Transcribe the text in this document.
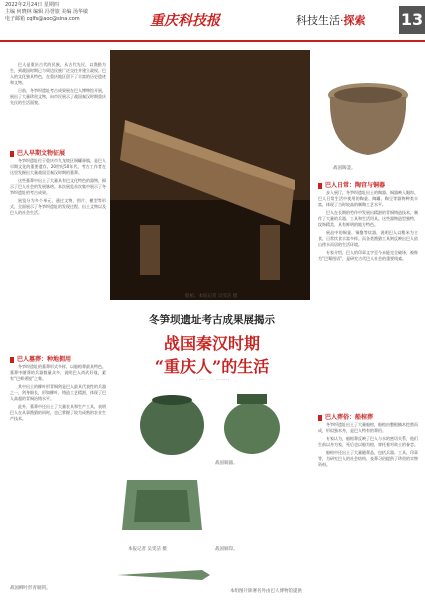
2022年2月24日 星期四
主编 何晓林 编辑 冯誉旅 美编 汤华敏
电子邮箱 cqlfs@aoc@sina.com	重庆科技报	科技生活·探索 13

巴人是重庆古代的民族，从古代先民，以渔猎为生，到战国时期已与周边民族广泛交往并建立政权。巴人的文化独具特色，在重庆地区留下了丰富的历史遗迹和文物。

日前，冬笋坝遗址考古成果展在巴人博物馆开展，展出了大量珍贵文物，向市民展示了战国秦汉时期重庆先民的生活面貌。

船棺。本报记者 吴雯洁 摄
战国陶釜。
巴人日常：陶宫与铜器

步入展厅，冬笋坝遗址出土的陶器、铜器映入眼帘。巴人日常生活中使用的陶釜、陶罐、陶豆等器物种类丰富，体现了当时较高的制陶工艺水平。

巴人在长期的劳作中发展出精湛的青铜铸造技术，制作了大量的兵器、工具和生活用具。这些器物造型独特，纹饰精美，具有鲜明的地方特色。

展品中的铜釜、铜鍪等炊器，说明巴人以稻米为主食，日常饮食丰富多样。而各类渔猎工具则反映出巴人依山傍水而居的生活环境。

专家介绍，巴人的印章文字至今未能完全破译，被称为“巴蜀图语”，是研究古代巴人社会的重要线索。

巴人葬俗：船棺葬

冬笋坝遗址出土了大量船棺，船棺由整根楠木挖凿而成，形似独木舟，是巴人特有的葬俗。

专家认为，船棺葬反映了巴人与水的密切关系，他们生前以舟为家，死后也以船为棺，寄托着对故土的眷恋。

船棺中还出土了大量随葬品，包括兵器、工具、印章等，为研究巴人的社会结构、丧葬习俗提供了珍贵的实物资料。

巴人早期文物征展

冬笋坝遗址位于重庆市九龙坡区铜罐驿镇，是巴人早期文化的重要遗存。20世纪50年代，考古工作者在这里发掘出大量战国至秦汉时期的墓葬。

这些墓葬中出土了大量具有巴文化特色的器物，揭示了巴人社会的发展脉络。本次展览首次集中展示了冬笋坝遗址的考古成果。

展览分为多个单元，通过文物、图片、模型等形式，全面展示了冬笋坝遗址的发现过程、出土文物以及巴人的社会生活。

冬笋坝遗址考古成果展揭示
战国秦汉时期
“重庆人”的生活
巴人墓葬：种地拥用

冬笋坝遗址的墓葬形式多样，以船棺葬最具特色。墓葬中随葬的兵器数量众多，说明巴人尚武好战，素有“巴师勇锐”之称。

其中出土的柳叶形青铜剑是巴人最具代表性的兵器之一，剑身细长，形如柳叶，铸造工艺精湛，体现了巴人高超的青铜冶铸水平。

此外，墓葬中还出土了大量农具和生产工具，表明巴人在从事渔猎的同时，也已掌握了较为成熟的农业生产技术。

战国铜器。
本报记者 吴雯洁 摄	战国铜印。
战国柳叶形青铜剑。
本组图片除署名外由巴人博物馆提供
